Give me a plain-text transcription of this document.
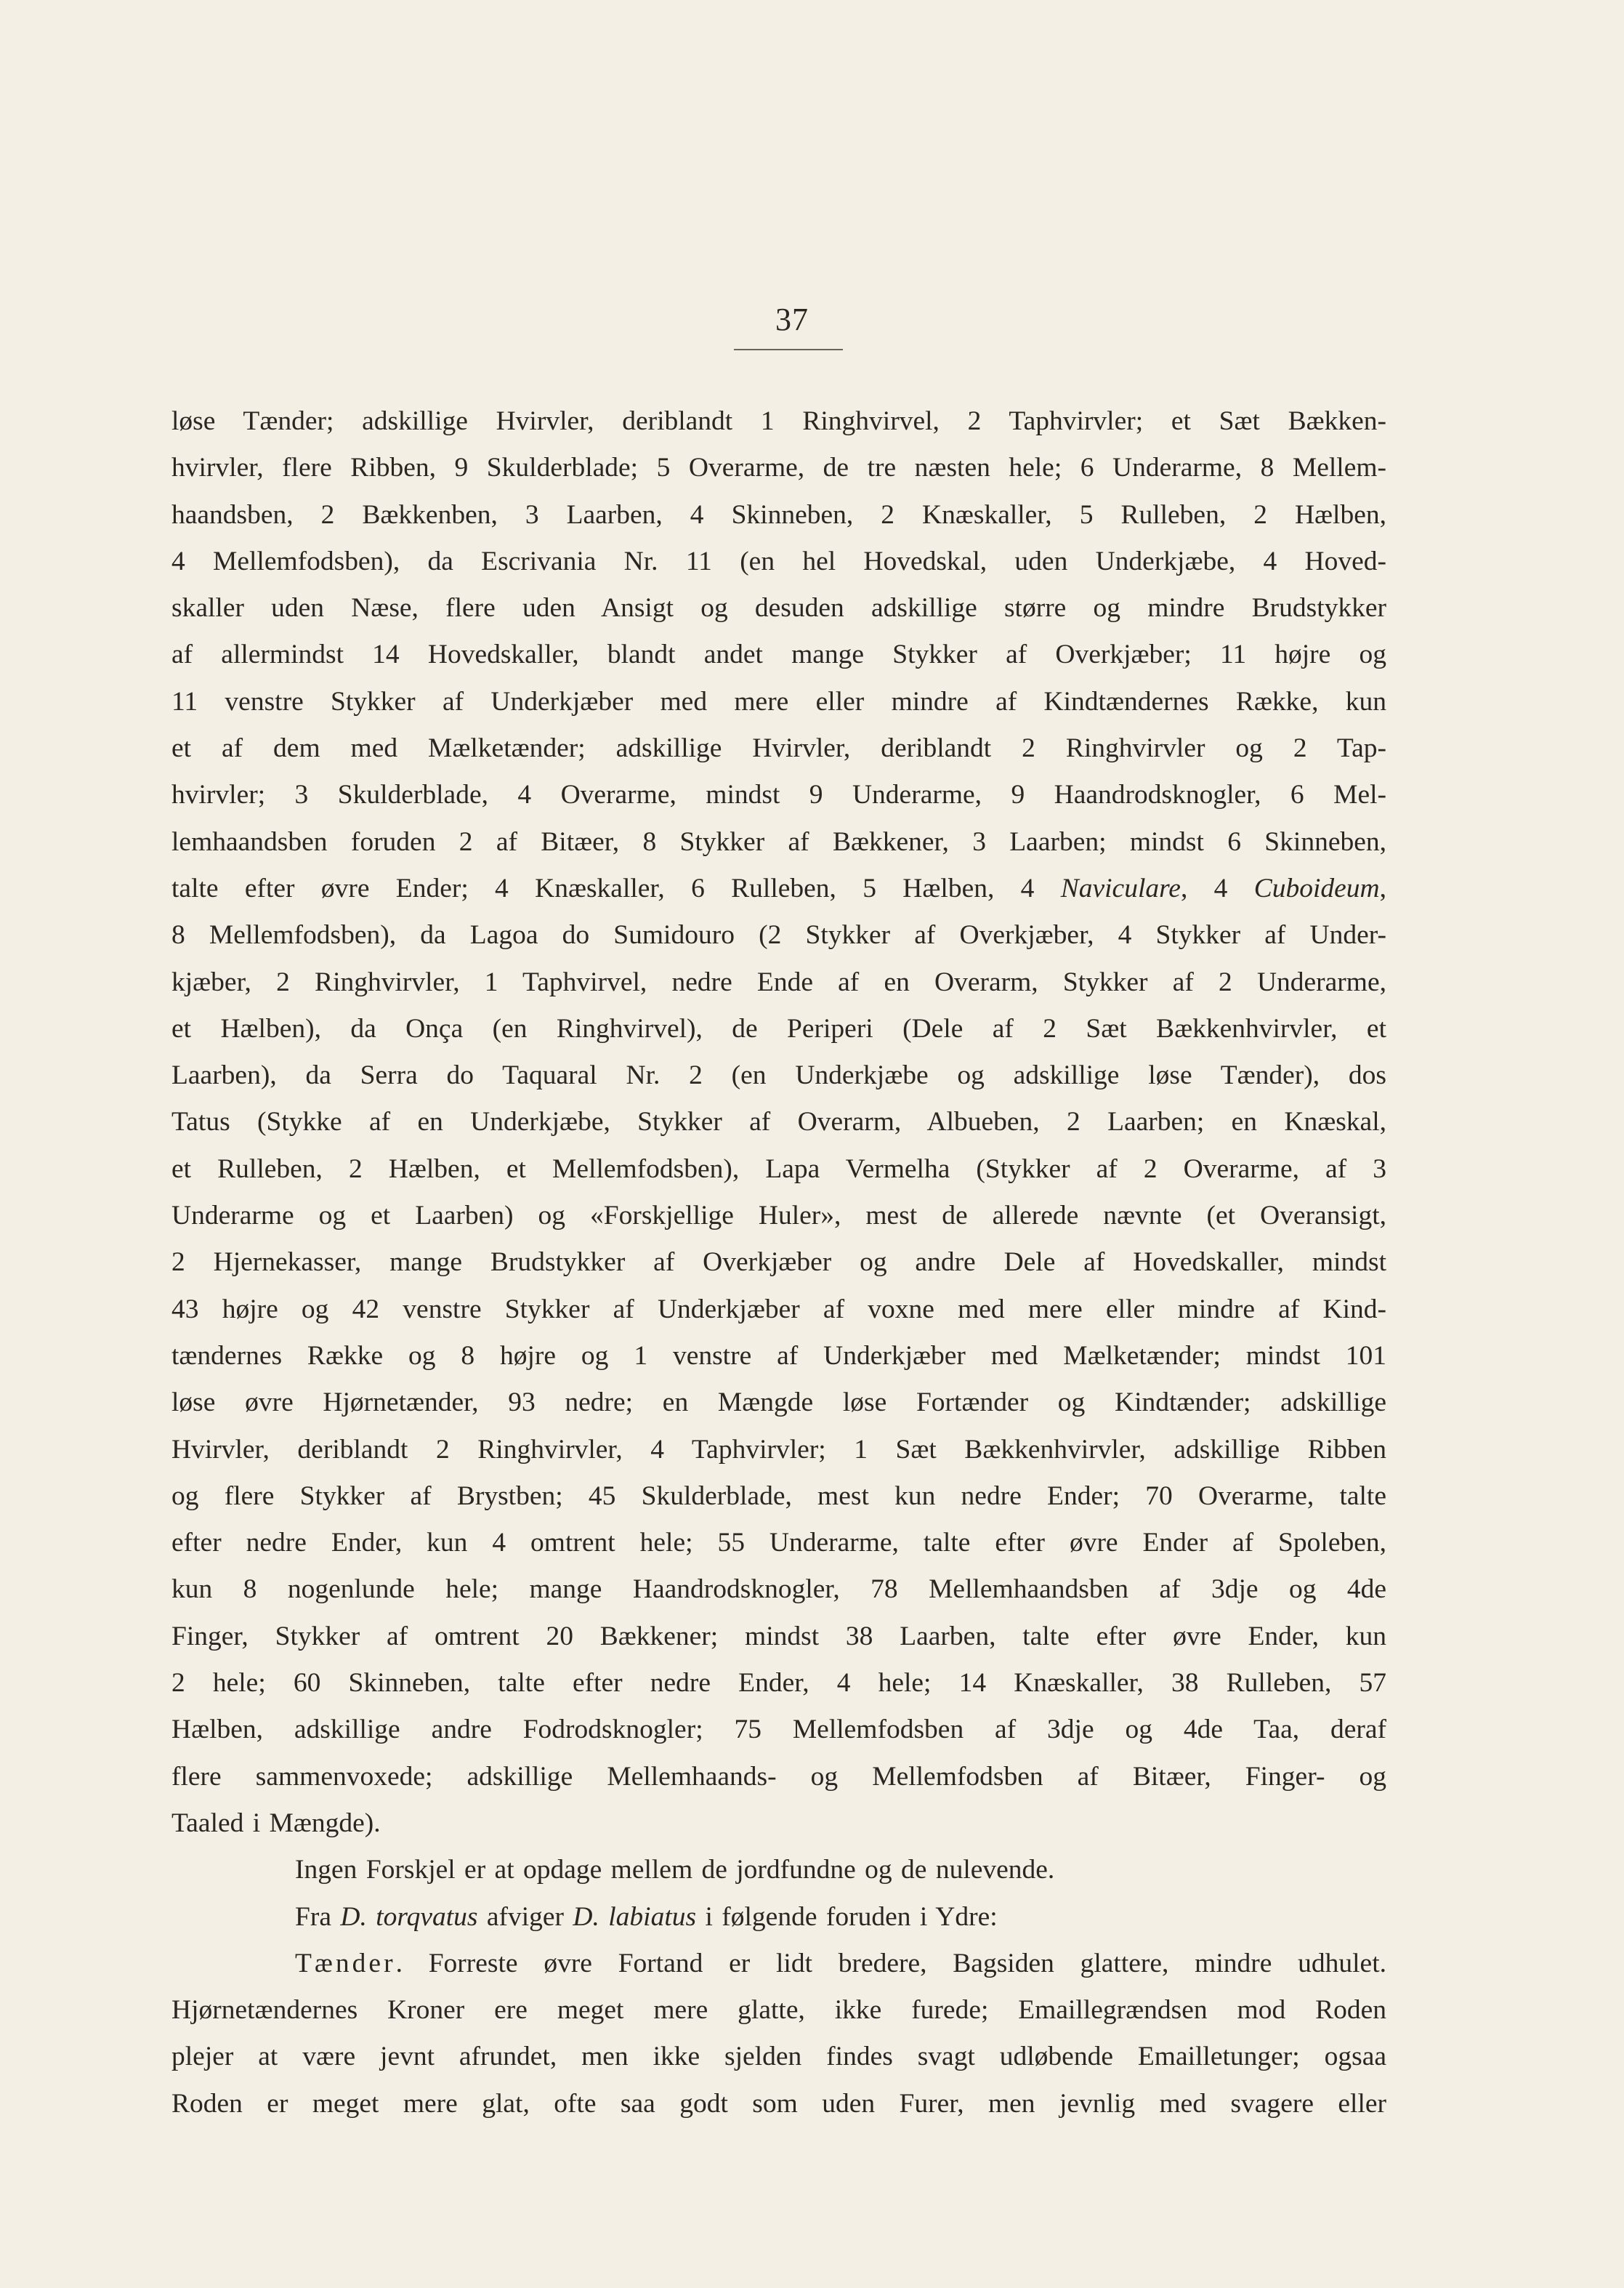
37
løse Tænder; adskillige Hvirvler, deriblandt 1 Ringhvirvel, 2 Taphvirvler; et Sæt Bækken-
hvirvler, flere Ribben, 9 Skulderblade; 5 Overarme, de tre næsten hele; 6 Underarme, 8 Mellem-
haandsben, 2 Bækkenben, 3 Laarben, 4 Skinneben, 2 Knæskaller, 5 Rulleben, 2 Hælben,
4 Mellemfodsben), da Escrivania Nr. 11 (en hel Hovedskal, uden Underkjæbe, 4 Hoved-
skaller uden Næse, flere uden Ansigt og desuden adskillige større og mindre Brudstykker
af allermindst 14 Hovedskaller, blandt andet mange Stykker af Overkjæber; 11 højre og
11 venstre Stykker af Underkjæber med mere eller mindre af Kindtændernes Række, kun
et af dem med Mælketænder; adskillige Hvirvler, deriblandt 2 Ringhvirvler og 2 Tap-
hvirvler; 3 Skulderblade, 4 Overarme, mindst 9 Underarme, 9 Haandrodsknogler, 6 Mel-
lemhaandsben foruden 2 af Bitæer, 8 Stykker af Bækkener, 3 Laarben; mindst 6 Skinneben,
talte efter øvre Ender; 4 Knæskaller, 6 Rulleben, 5 Hælben, 4 Naviculare, 4 Cuboideum,
8 Mellemfodsben), da Lagoa do Sumidouro (2 Stykker af Overkjæber, 4 Stykker af Under-
kjæber, 2 Ringhvirvler, 1 Taphvirvel, nedre Ende af en Overarm, Stykker af 2 Underarme,
et Hælben), da Onça (en Ringhvirvel), de Periperi (Dele af 2 Sæt Bækkenhvirvler, et
Laarben), da Serra do Taquaral Nr. 2 (en Underkjæbe og adskillige løse Tænder), dos
Tatus (Stykke af en Underkjæbe, Stykker af Overarm, Albueben, 2 Laarben; en Knæskal,
et Rulleben, 2 Hælben, et Mellemfodsben), Lapa Vermelha (Stykker af 2 Overarme, af 3
Underarme og et Laarben) og «Forskjellige Huler», mest de allerede nævnte (et Overansigt,
2 Hjernekasser, mange Brudstykker af Overkjæber og andre Dele af Hovedskaller, mindst
43 højre og 42 venstre Stykker af Underkjæber af voxne med mere eller mindre af Kind-
tændernes Række og 8 højre og 1 venstre af Underkjæber med Mælketænder; mindst 101
løse øvre Hjørnetænder, 93 nedre; en Mængde løse Fortænder og Kindtænder; adskillige
Hvirvler, deriblandt 2 Ringhvirvler, 4 Taphvirvler; 1 Sæt Bækkenhvirvler, adskillige Ribben
og flere Stykker af Brystben; 45 Skulderblade, mest kun nedre Ender; 70 Overarme, talte
efter nedre Ender, kun 4 omtrent hele; 55 Underarme, talte efter øvre Ender af Spoleben,
kun 8 nogenlunde hele; mange Haandrodsknogler, 78 Mellemhaandsben af 3dje og 4de
Finger, Stykker af omtrent 20 Bækkener; mindst 38 Laarben, talte efter øvre Ender, kun
2 hele; 60 Skinneben, talte efter nedre Ender, 4 hele; 14 Knæskaller, 38 Rulleben, 57
Hælben, adskillige andre Fodrodsknogler; 75 Mellemfodsben af 3dje og 4de Taa, deraf
flere sammenvoxede; adskillige Mellemhaands- og Mellemfodsben af Bitæer, Finger- og
Taaled i Mængde).
Ingen Forskjel er at opdage mellem de jordfundne og de nulevende.
Fra D. torqvatus afviger D. labiatus i følgende foruden i Ydre:
Tænder. Forreste øvre Fortand er lidt bredere, Bagsiden glattere, mindre udhulet.
Hjørnetændernes Kroner ere meget mere glatte, ikke furede; Emaillegrændsen mod Roden
plejer at være jevnt afrundet, men ikke sjelden findes svagt udløbende Emailletunger; ogsaa
Roden er meget mere glat, ofte saa godt som uden Furer, men jevnlig med svagere eller
